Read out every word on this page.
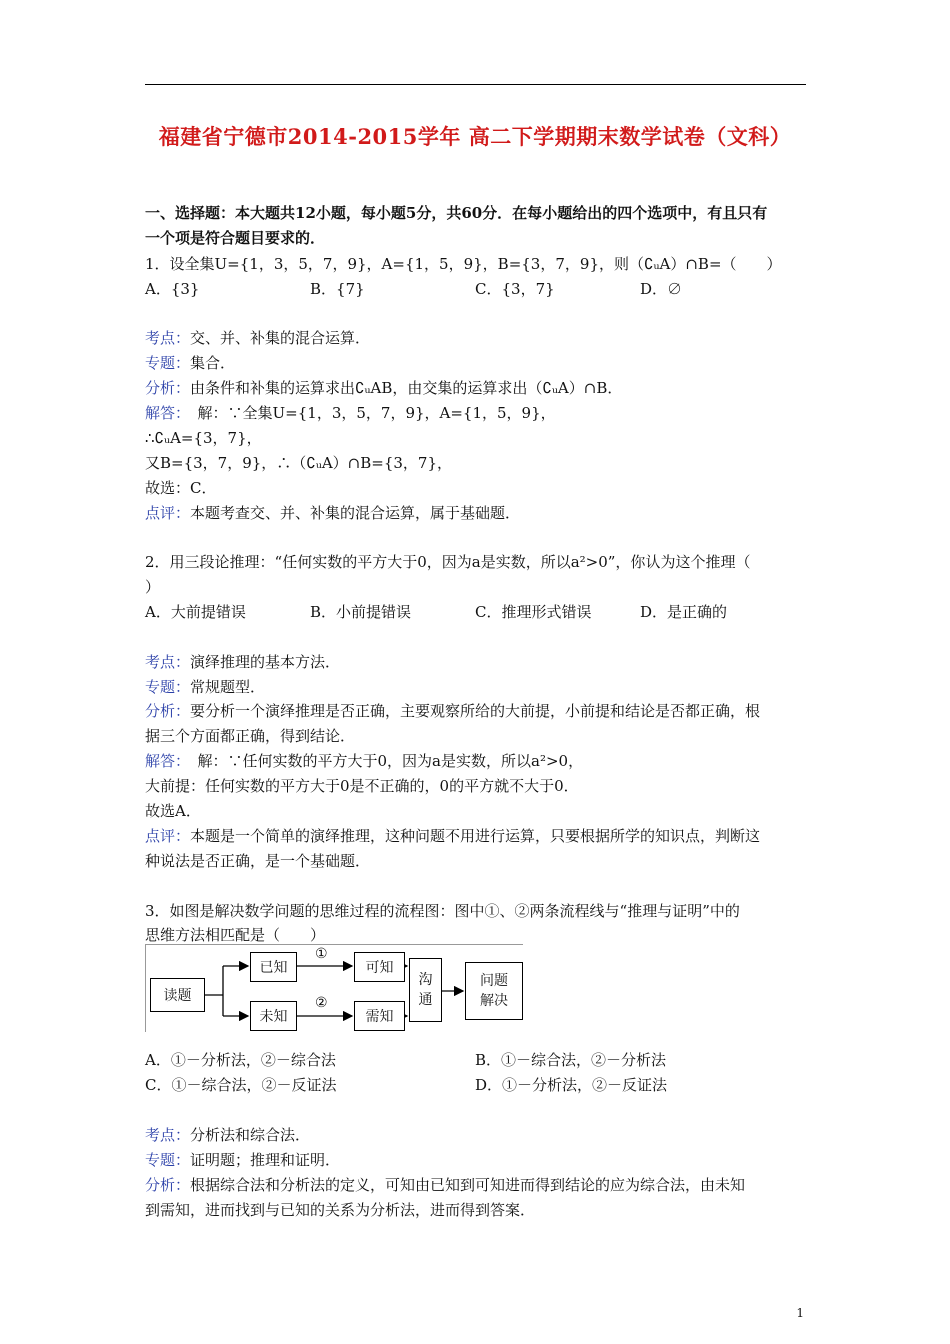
福建省宁德市2014-2015学年 高二下学期期末数学试卷（文科）
一、选择题：本大题共12小题，每小题5分，共60分．在每小题给出的四个选项中，有且只有
一个项是符合题目要求的．
1．设全集U={1，3，5，7，9}，A={1，5，9}，B={3，7，9}，则（∁ᵤA）∩B=（　　）
A．{3}	B．{7}	C．{3，7}	D．∅
考点：交、并、补集的混合运算．
专题：集合．
分析：由条件和补集的运算求出∁ᵤAB，由交集的运算求出（∁ᵤA）∩B．
解答：　解：∵全集U={1，3，5，7，9}，A={1，5，9}，
∴∁ᵤA={3，7}，
又B={3，7，9}，∴（∁ᵤA）∩B={3，7}，
故选：C．
点评：本题考查交、并、补集的混合运算，属于基础题．
2．用三段论推理：“任何实数的平方大于0，因为a是实数，所以a²>0”，你认为这个推理（
）
A．大前提错误	B．小前提错误	C．推理形式错误	D．是正确的
考点：演绎推理的基本方法．
专题：常规题型．
分析：要分析一个演绎推理是否正确，主要观察所给的大前提，小前提和结论是否都正确，根
据三个方面都正确，得到结论．
解答：　解：∵任何实数的平方大于0，因为a是实数，所以a²>0，
大前提：任何实数的平方大于0是不正确的，0的平方就不大于0．
故选A．
点评：本题是一个简单的演绎推理，这种问题不用进行运算，只要根据所学的知识点，判断这
种说法是否正确，是一个基础题．
3．如图是解决数学问题的思维过程的流程图：图中①、②两条流程线与“推理与证明”中的
思维方法相匹配是（　　）
读题
已知
未知
①
②
可知
需知
沟
通
问题
解决
A．①－分析法，②－综合法	B．①－综合法，②－分析法
C．①－综合法，②－反证法	D．①－分析法，②－反证法
考点：分析法和综合法．
专题：证明题；推理和证明．
分析：根据综合法和分析法的定义，可知由已知到可知进而得到结论的应为综合法，由未知
到需知，进而找到与已知的关系为分析法，进而得到答案．
1
